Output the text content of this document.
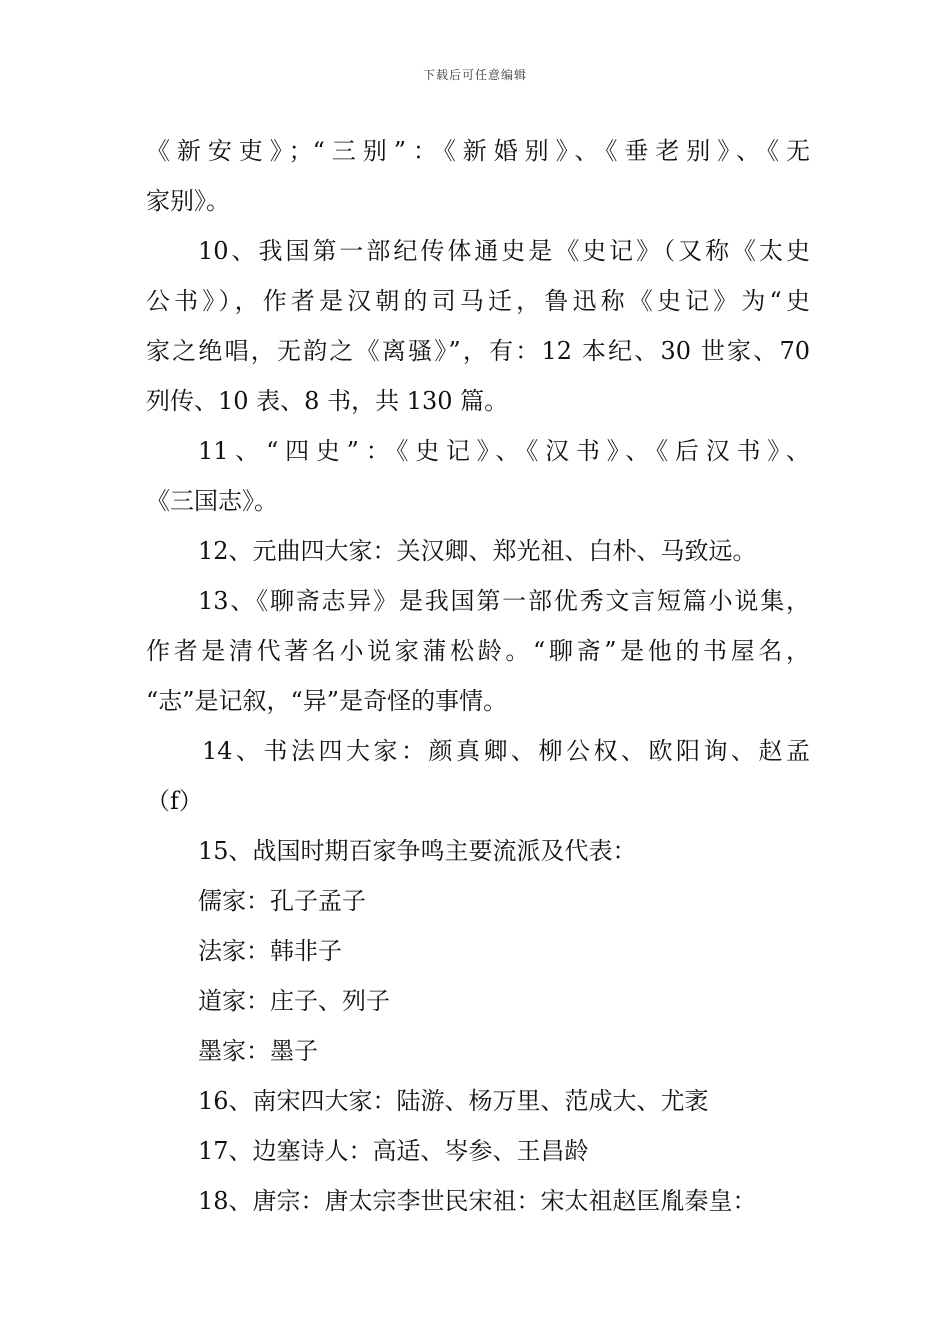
下载后可任意编辑
《新安吏》；“三别”：《新婚别》、《垂老别》、《无
家别》。
10、我国第一部纪传体通史是《史记》（又称《太史
公书》），作者是汉朝的司马迁，鲁迅称《史记》为“史
家之绝唱，无韵之《离骚》”，有：12 本纪、30 世家、70
列传、10 表、8 书，共 130 篇。
11、“四史”：《史记》、《汉书》、《后汉书》、
《三国志》。
12、元曲四大家：关汉卿、郑光祖、白朴、马致远。
13、《聊斋志异》是我国第一部优秀文言短篇小说集，
作者是清代著名小说家蒲松龄。“聊斋”是他的书屋名，
“志”是记叙，“异”是奇怪的事情。
14、书法四大家：颜真卿、柳公权、欧阳询、赵孟
（f）
15、战国时期百家争鸣主要流派及代表：
儒家：孔子孟子
法家：韩非子
道家：庄子、列子
墨家：墨子
16、南宋四大家：陆游、杨万里、范成大、尤袤
17、边塞诗人：高适、岑参、王昌龄
18、唐宗：唐太宗李世民宋祖：宋太祖赵匡胤秦皇：
